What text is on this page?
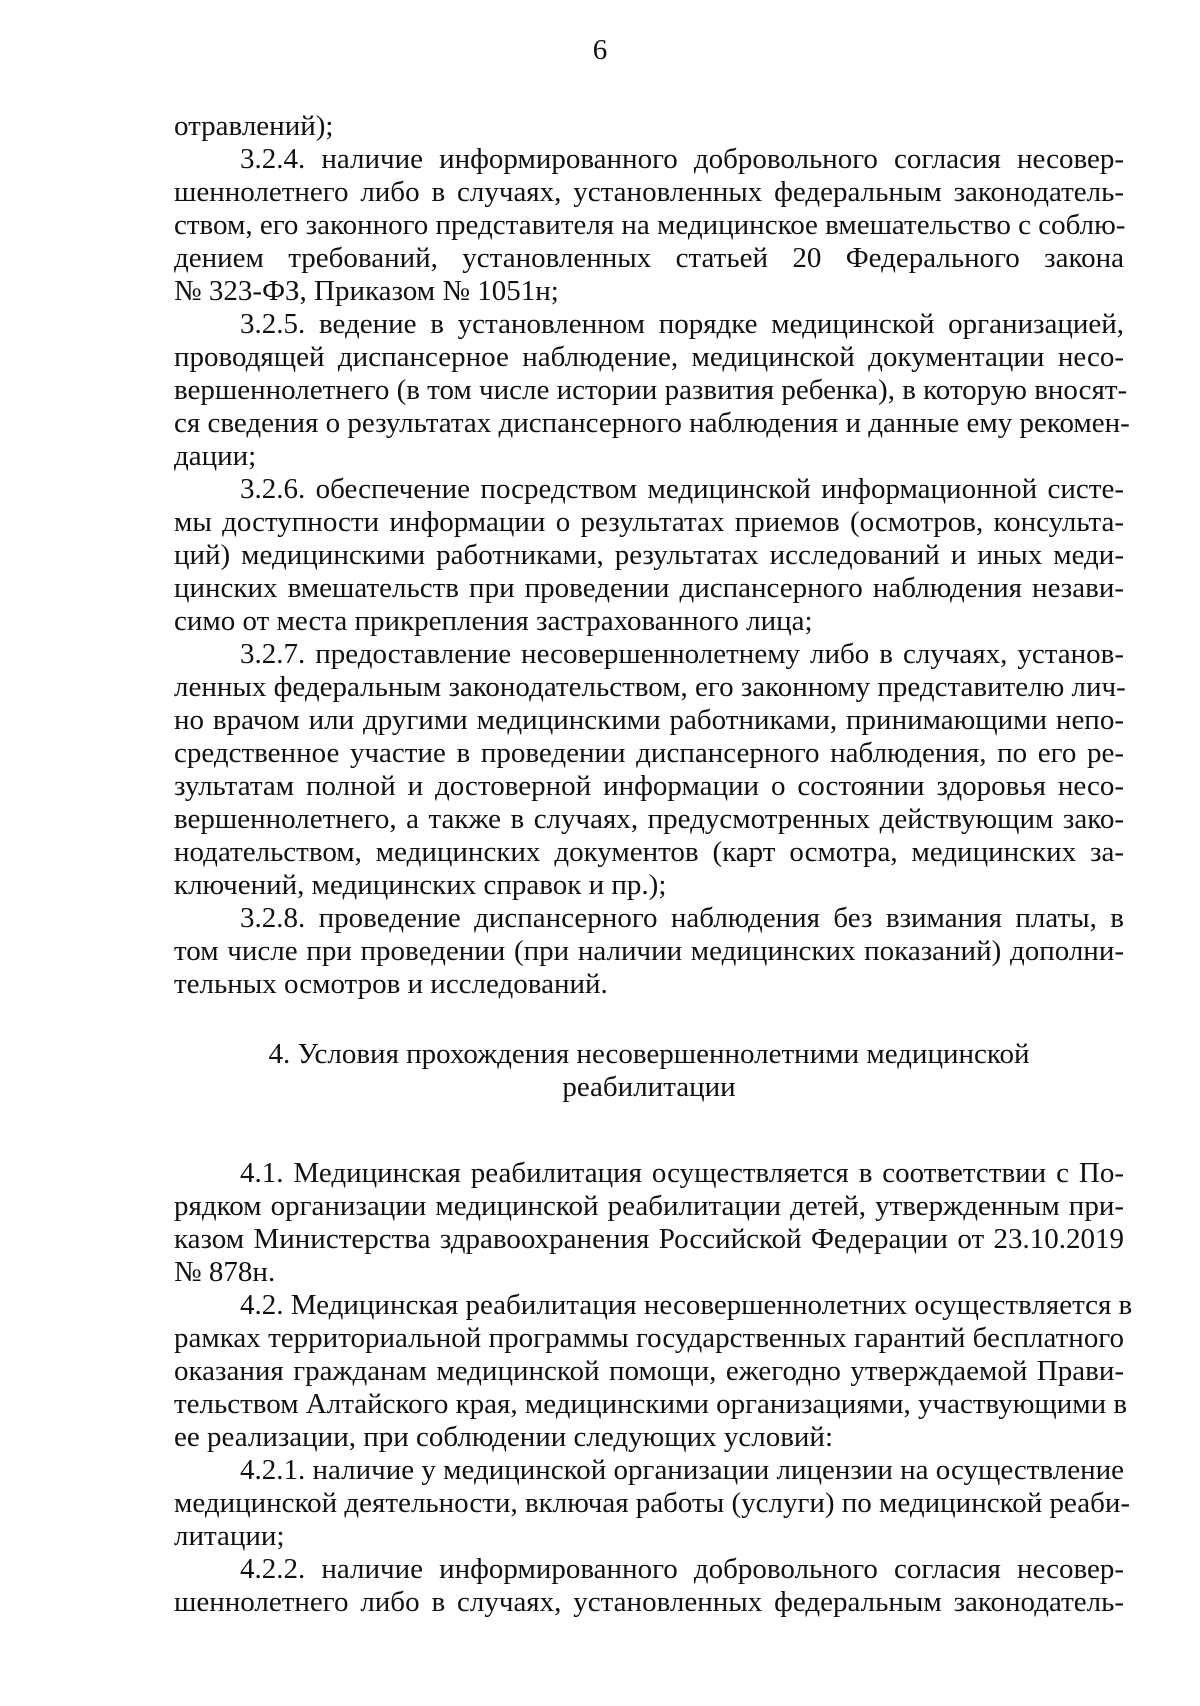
6
отравлений);
3.2.4. наличие информированного добровольного согласия несовер-
шеннолетнего либо в случаях, установленных федеральным законодатель-
ством, его законного представителя на медицинское вмешательство с соблю-
дением требований, установленных статьей 20 Федерального закона
№ 323-ФЗ, Приказом № 1051н;
3.2.5. ведение в установленном порядке медицинской организацией,
проводящей диспансерное наблюдение, медицинской документации несо-
вершеннолетнего (в том числе истории развития ребенка), в которую вносят-
ся сведения о результатах диспансерного наблюдения и данные ему рекомен-
дации;
3.2.6. обеспечение посредством медицинской информационной систе-
мы доступности информации о результатах приемов (осмотров, консульта-
ций) медицинскими работниками, результатах исследований и иных меди-
цинских вмешательств при проведении диспансерного наблюдения незави-
симо от места прикрепления застрахованного лица;
3.2.7. предоставление несовершеннолетнему либо в случаях, установ-
ленных федеральным законодательством, его законному представителю лич-
но врачом или другими медицинскими работниками, принимающими непо-
средственное участие в проведении диспансерного наблюдения, по его ре-
зультатам полной и достоверной информации о состоянии здоровья несо-
вершеннолетнего, а также в случаях, предусмотренных действующим зако-
нодательством, медицинских документов (карт осмотра, медицинских за-
ключений, медицинских справок и пр.);
3.2.8. проведение диспансерного наблюдения без взимания платы, в
том числе при проведении (при наличии медицинских показаний) дополни-
тельных осмотров и исследований.
4. Условия прохождения несовершеннолетними медицинской
реабилитации
4.1. Медицинская реабилитация осуществляется в соответствии с По-
рядком организации медицинской реабилитации детей, утвержденным при-
казом Министерства здравоохранения Российской Федерации от 23.10.2019
№ 878н.
4.2. Медицинская реабилитация несовершеннолетних осуществляется в
рамках территориальной программы государственных гарантий бесплатного
оказания гражданам медицинской помощи, ежегодно утверждаемой Прави-
тельством Алтайского края, медицинскими организациями, участвующими в
ее реализации, при соблюдении следующих условий:
4.2.1. наличие у медицинской организации лицензии на осуществление
медицинской деятельности, включая работы (услуги) по медицинской реаби-
литации;
4.2.2. наличие информированного добровольного согласия несовер-
шеннолетнего либо в случаях, установленных федеральным законодатель-
